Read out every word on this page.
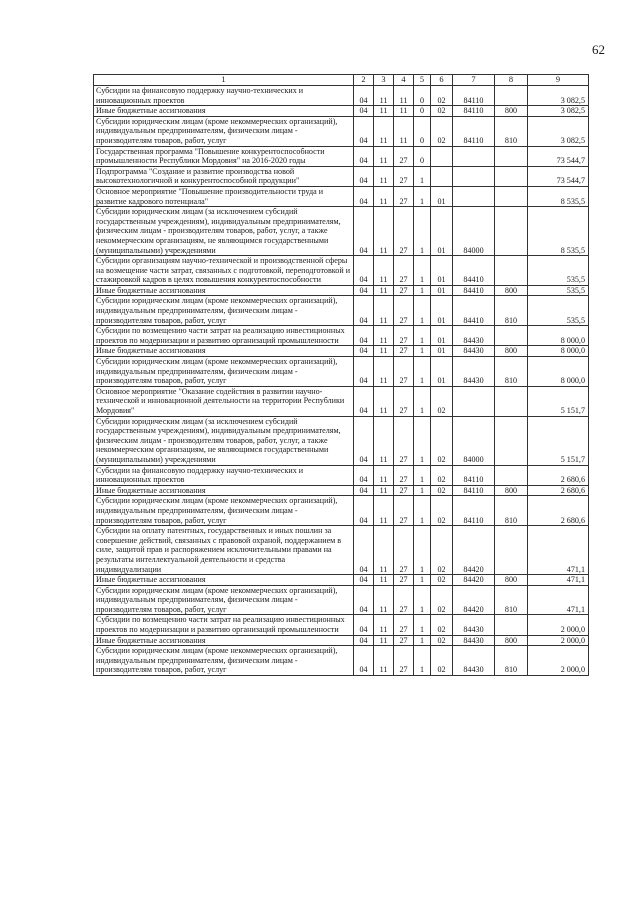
62
1	2	3	4	5	6	7	8	9
Субсидии на финансовую поддержку научно-технических и инновационных проектов	04	11	11	0	02	84110		3 082,5
Иные бюджетные ассигнования	04	11	11	0	02	84110	800	3 082,5
Субсидии юридическим лицам (кроме некоммерческих организаций), индивидуальным предпринимателям, физическим лицам - производителям товаров, работ, услуг	04	11	11	0	02	84110	810	3 082,5
Государственная программа "Повышение конкурентоспособности промышленности Республики Мордовия" на 2016-2020 годы	04	11	27	0				73 544,7
Подпрограмма "Создание и развитие производства новой высокотехнологичной и конкурентоспособной продукции"	04	11	27	1				73 544,7
Основное мероприятие "Повышение производительности труда и развитие кадрового потенциала"	04	11	27	1	01			8 535,5
Субсидии юридическим лицам (за исключением субсидий государственным учреждениям), индивидуальным предпринимателям, физическим лицам - производителям товаров, работ, услуг, а также некоммерческим организациям, не являющимся государственными (муниципальными) учреждениями	04	11	27	1	01	84000		8 535,5
Субсидии организациям научно-технической и производственной сферы на возмещение части затрат, связанных с подготовкой, переподготовкой и стажировкой кадров в целях повышения конкурентоспособности	04	11	27	1	01	84410		535,5
Иные бюджетные ассигнования	04	11	27	1	01	84410	800	535,5
Субсидии юридическим лицам (кроме некоммерческих организаций), индивидуальным предпринимателям, физическим лицам - производителям товаров, работ, услуг	04	11	27	1	01	84410	810	535,5
Субсидии по возмещению части затрат на реализацию инвестиционных проектов по модернизации и развитию организаций промышленности	04	11	27	1	01	84430		8 000,0
Иные бюджетные ассигнования	04	11	27	1	01	84430	800	8 000,0
Субсидии юридическим лицам (кроме некоммерческих организаций), индивидуальным предпринимателям, физическим лицам - производителям товаров, работ, услуг	04	11	27	1	01	84430	810	8 000,0
Основное мероприятие "Оказание содействия в развитии научно-технической и инновационной деятельности на территории Республики Мордовия"	04	11	27	1	02			5 151,7
Субсидии юридическим лицам (за исключением субсидий государственным учреждениям), индивидуальным предпринимателям, физическим лицам - производителям товаров, работ, услуг, а также некоммерческим организациям, не являющимся государственными (муниципальными) учреждениями	04	11	27	1	02	84000		5 151,7
Субсидии на финансовую поддержку научно-технических и инновационных проектов	04	11	27	1	02	84110		2 680,6
Иные бюджетные ассигнования	04	11	27	1	02	84110	800	2 680,6
Субсидии юридическим лицам (кроме некоммерческих организаций), индивидуальным предпринимателям, физическим лицам - производителям товаров, работ, услуг	04	11	27	1	02	84110	810	2 680,6
Субсидии на оплату патентных, государственных и иных пошлин за совершение действий, связанных с правовой охраной, поддержанием в силе, защитой прав и распоряжением исключительными правами на результаты интеллектуальной деятельности и средства индивидуализации	04	11	27	1	02	84420		471,1
Иные бюджетные ассигнования	04	11	27	1	02	84420	800	471,1
Субсидии юридическим лицам (кроме некоммерческих организаций), индивидуальным предпринимателям, физическим лицам - производителям товаров, работ, услуг	04	11	27	1	02	84420	810	471,1
Субсидии по возмещению части затрат на реализацию инвестиционных проектов по модернизации и развитию организаций промышленности	04	11	27	1	02	84430		2 000,0
Иные бюджетные ассигнования	04	11	27	1	02	84430	800	2 000,0
Субсидии юридическим лицам (кроме некоммерческих организаций), индивидуальным предпринимателям, физическим лицам - производителям товаров, работ, услуг	04	11	27	1	02	84430	810	2 000,0
